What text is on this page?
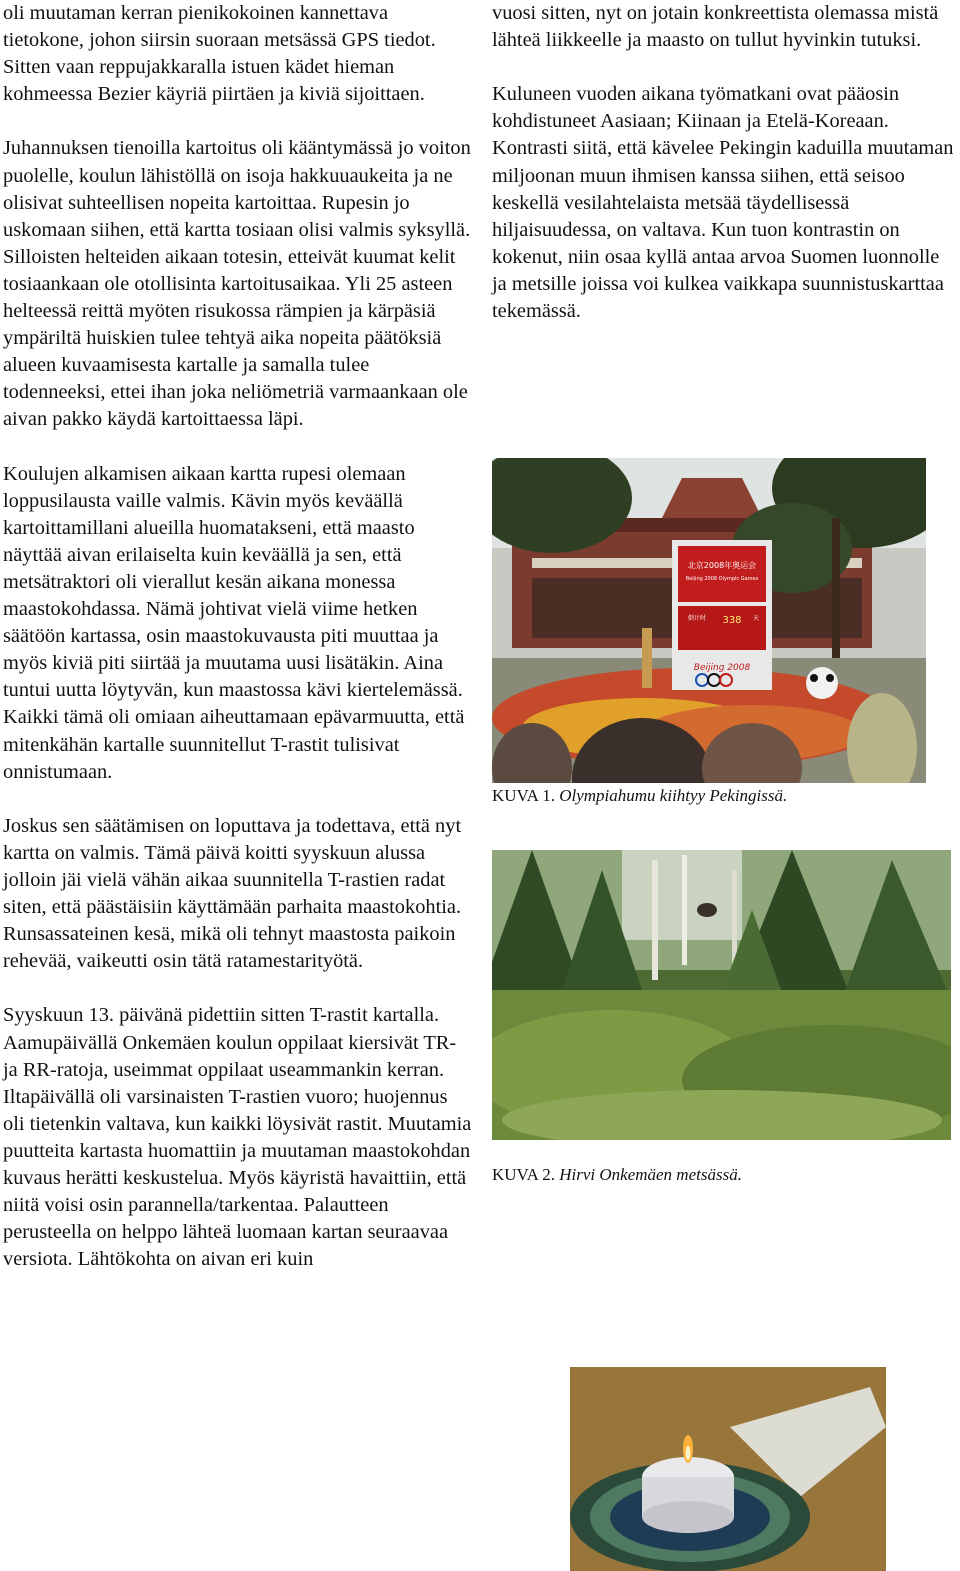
oli muutaman kerran pienikokoinen kannettava tietokone, johon siirsin suoraan metsässä GPS tiedot. Sitten vaan reppujakkaralla istuen kädet hieman kohmeessa Bezier käyriä piirtäen ja kiviä sijoittaen.

Juhannuksen tienoilla kartoitus oli kääntymässä jo voiton puolelle, koulun lähistöllä on isoja hakkuuaukeita ja ne olisivat suhteellisen nopeita kartoittaa. Rupesin jo uskomaan siihen, että kartta tosiaan olisi valmis syksyllä. Silloisten helteiden aikaan totesin, etteivät kuumat kelit tosiaankaan ole otollisinta kartoitusaikaa. Yli 25 asteen helteessä reittä myöten risukossa rämpien ja kärpäsiä ympäriltä huiskien tulee tehtyä aika nopeita päätöksiä alueen kuvaamisesta kartalle ja samalla tulee todenneeksi, ettei ihan joka neliömetriä varmaankaan ole aivan pakko käydä kartoittaessa läpi.

Koulujen alkamisen aikaan kartta rupesi olemaan loppusilausta vaille valmis. Kävin myös keväällä kartoittamillani alueilla huomatakseni, että maasto näyttää aivan erilaiselta kuin keväällä ja sen, että metsätraktori oli vierallut kesän aikana monessa maastokohdassa. Nämä johtivat vielä viime hetken säätöön kartassa, osin maastokuvausta piti muuttaa ja myös kiviä piti siirtää ja muutama uusi lisätäkin. Aina tuntui uutta löytyvän, kun maastossa kävi kiertelemässä. Kaikki tämä oli omiaan aiheuttamaan epävarmuutta, että mitenkähän kartalle suunnitellut T-rastit tulisivat onnistumaan.

Joskus sen säätämisen on loputtava ja todettava, että nyt kartta on valmis. Tämä päivä koitti syyskuun alussa jolloin jäi vielä vähän aikaa suunnitella T-rastien radat siten, että päästäisiin käyttämään parhaita maastokohtia. Runsassateinen kesä, mikä oli tehnyt maastosta paikoin rehevää, vaikeutti osin tätä ratamestarityötä.

Syyskuun 13. päivänä pidettiin sitten T-rastit kartalla. Aamupäivällä Onkemäen koulun oppilaat kiersivät TR- ja RR-ratoja, useimmat oppilaat useammankin kerran. Iltapäivällä oli varsinaisten T-rastien vuoro; huojennus oli tietenkin valtava, kun kaikki löysivät rastit. Muutamia puutteita kartasta huomattiin ja muutaman maastokohdan kuvaus herätti keskustelua. Myös käyristä havaittiin, että niitä voisi osin parannella/tarkentaa. Palautteen perusteella on helppo lähteä luomaan kartan seuraavaa versiota. Lähtökohta on aivan eri kuin

vuosi sitten, nyt on jotain konkreettista olemassa mistä lähteä liikkeelle ja maasto on tullut hyvinkin tutuksi.

Kuluneen vuoden aikana työmatkani ovat pääosin kohdistuneet Aasiaan; Kiinaan ja Etelä-Koreaan. Kontrasti siitä, että kävelee Pekingin kaduilla muutaman miljoonan muun ihmisen kanssa siihen, että seisoo keskellä vesilahtelaista metsää täydellisessä hiljaisuudessa, on valtava. Kun tuon kontrastin on kokenut, niin osaa kyllä antaa arvoa Suomen luonnolle ja metsille joissa voi kulkea vaikkapa suunnistuskarttaa tekemässä.

北京2008年奥运会
Beijing 2008 Olympic Games
倒计时 338 天
Beijing 2008
KUVA 1. Olympiahumu kiihtyy Pekingissä.
KUVA 2. Hirvi Onkemäen metsässä.
